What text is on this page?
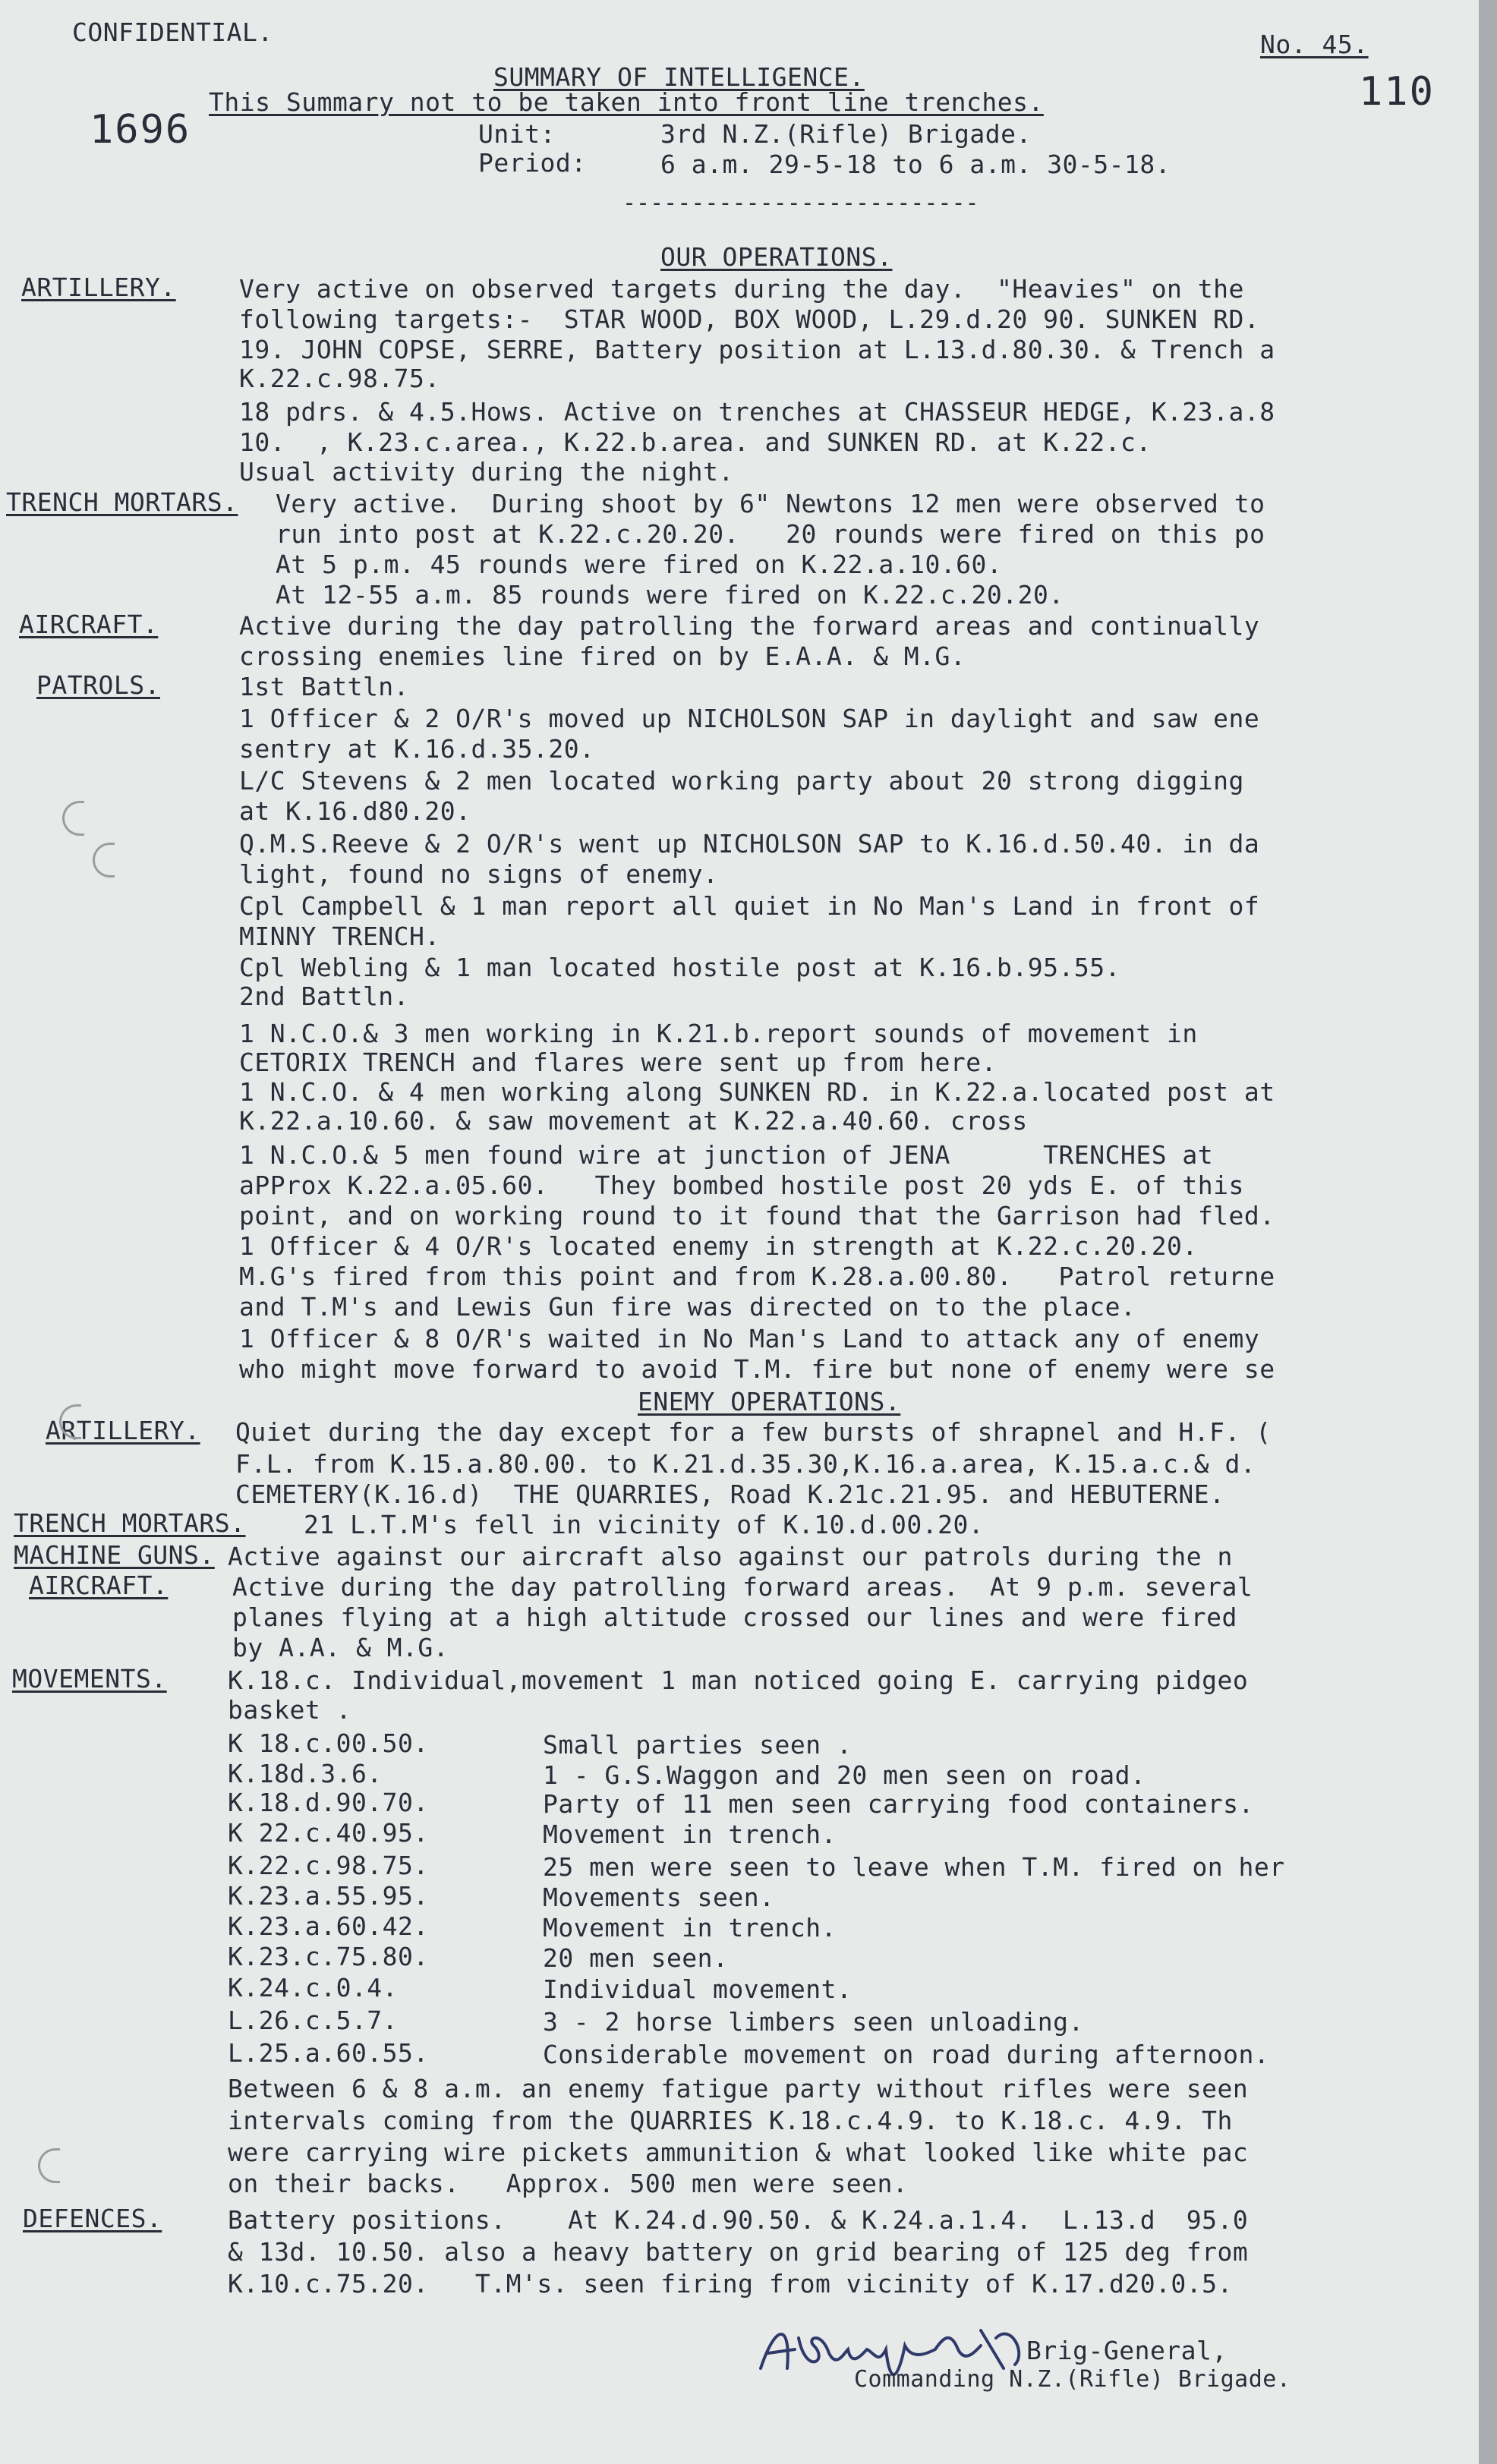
CONFIDENTIAL.	No. 45.
110
1696
SUMMARY OF INTELLIGENCE.
This Summary not to be taken into front line trenches.
Unit:	3rd N.Z.(Rifle) Brigade.
Period:	6 a.m. 29-5-18 to 6 a.m. 30-5-18.
--------------------------
OUR OPERATIONS.
ARTILLERY.	Very active on observed targets during the day.  "Heavies" on the
following targets:-  STAR WOOD, BOX WOOD, L.29.d.20 90. SUNKEN RD.
19. JOHN COPSE, SERRE, Battery position at L.13.d.80.30. & Trench a
K.22.c.98.75.
18 pdrs. & 4.5.Hows. Active on trenches at CHASSEUR HEDGE, K.23.a.8
10.  , K.23.c.area., K.22.b.area. and SUNKEN RD. at K.22.c.
Usual activity during the night.
TRENCH MORTARS. Very active.  During shoot by 6" Newtons 12 men were observed to
run into post at K.22.c.20.20.   20 rounds were fired on this po
At 5 p.m. 45 rounds were fired on K.22.a.10.60.
At 12-55 a.m. 85 rounds were fired on K.22.c.20.20.
AIRCRAFT.	Active during the day patrolling the forward areas and continually
crossing enemies line fired on by E.A.A. & M.G.
PATROLS.	1st Battln.
1 Officer & 2 O/R's moved up NICHOLSON SAP in daylight and saw ene
sentry at K.16.d.35.20.
L/C Stevens & 2 men located working party about 20 strong digging
at K.16.d80.20.
Q.M.S.Reeve & 2 O/R's went up NICHOLSON SAP to K.16.d.50.40. in da
light, found no signs of enemy.
Cpl Campbell & 1 man report all quiet in No Man's Land in front of
MINNY TRENCH.
Cpl Webling & 1 man located hostile post at K.16.b.95.55.
2nd Battln.
1 N.C.O.& 3 men working in K.21.b.report sounds of movement in
CETORIX TRENCH and flares were sent up from here.
1 N.C.O. & 4 men working along SUNKEN RD. in K.22.a.located post at
K.22.a.10.60. & saw movement at K.22.a.40.60. cross
1 N.C.O.& 5 men found wire at junction of JENA      TRENCHES at
aPProx K.22.a.05.60.   They bombed hostile post 20 yds E. of this
point, and on working round to it found that the Garrison had fled.
1 Officer & 4 O/R's located enemy in strength at K.22.c.20.20.
M.G's fired from this point and from K.28.a.00.80.   Patrol returne
and T.M's and Lewis Gun fire was directed on to the place.
1 Officer & 8 O/R's waited in No Man's Land to attack any of enemy
who might move forward to avoid T.M. fire but none of enemy were se
ENEMY OPERATIONS.
ARTILLERY. Quiet during the day except for a few bursts of shrapnel and H.F. (
F.L. from K.15.a.80.00. to K.21.d.35.30,K.16.a.area, K.15.a.c.& d.
CEMETERY(K.16.d)  THE QUARRIES, Road K.21c.21.95. and HEBUTERNE.
TRENCH MORTARS. 21 L.T.M's fell in vicinity of K.10.d.00.20.
MACHINE GUNS. Active against our aircraft also against our patrols during the n
AIRCRAFT.	Active during the day patrolling forward areas.  At 9 p.m. several
planes flying at a high altitude crossed our lines and were fired
by A.A. & M.G.
MOVEMENTS. K.18.c. Individual,movement 1 man noticed going E. carrying pidgeo
basket .
K 18.c.00.50.	Small parties seen .
K.18d.3.6.	1 - G.S.Waggon and 20 men seen on road.
K.18.d.90.70.	Party of 11 men seen carrying food containers.
K 22.c.40.95.	Movement in trench.
K.22.c.98.75.	25 men were seen to leave when T.M. fired on her
K.23.a.55.95.	Movements seen.
K.23.a.60.42.	Movement in trench.
K.23.c.75.80.	20 men seen.
K.24.c.0.4.	Individual movement.
L.26.c.5.7.	3 - 2 horse limbers seen unloading.
L.25.a.60.55.	Considerable movement on road during afternoon.
Between 6 & 8 a.m. an enemy fatigue party without rifles were seen
intervals coming from the QUARRIES K.18.c.4.9. to K.18.c. 4.9. Th
were carrying wire pickets ammunition & what looked like white pac
on their backs.   Approx. 500 men were seen.
DEFENCES.	Battery positions.    At K.24.d.90.50. & K.24.a.1.4.  L.13.d  95.0
& 13d. 10.50. also a heavy battery on grid bearing of 125 deg from
K.10.c.75.20.   T.M's. seen firing from vicinity of K.17.d20.0.5.
Brig-General,
Commanding N.Z.(Rifle) Brigade.
